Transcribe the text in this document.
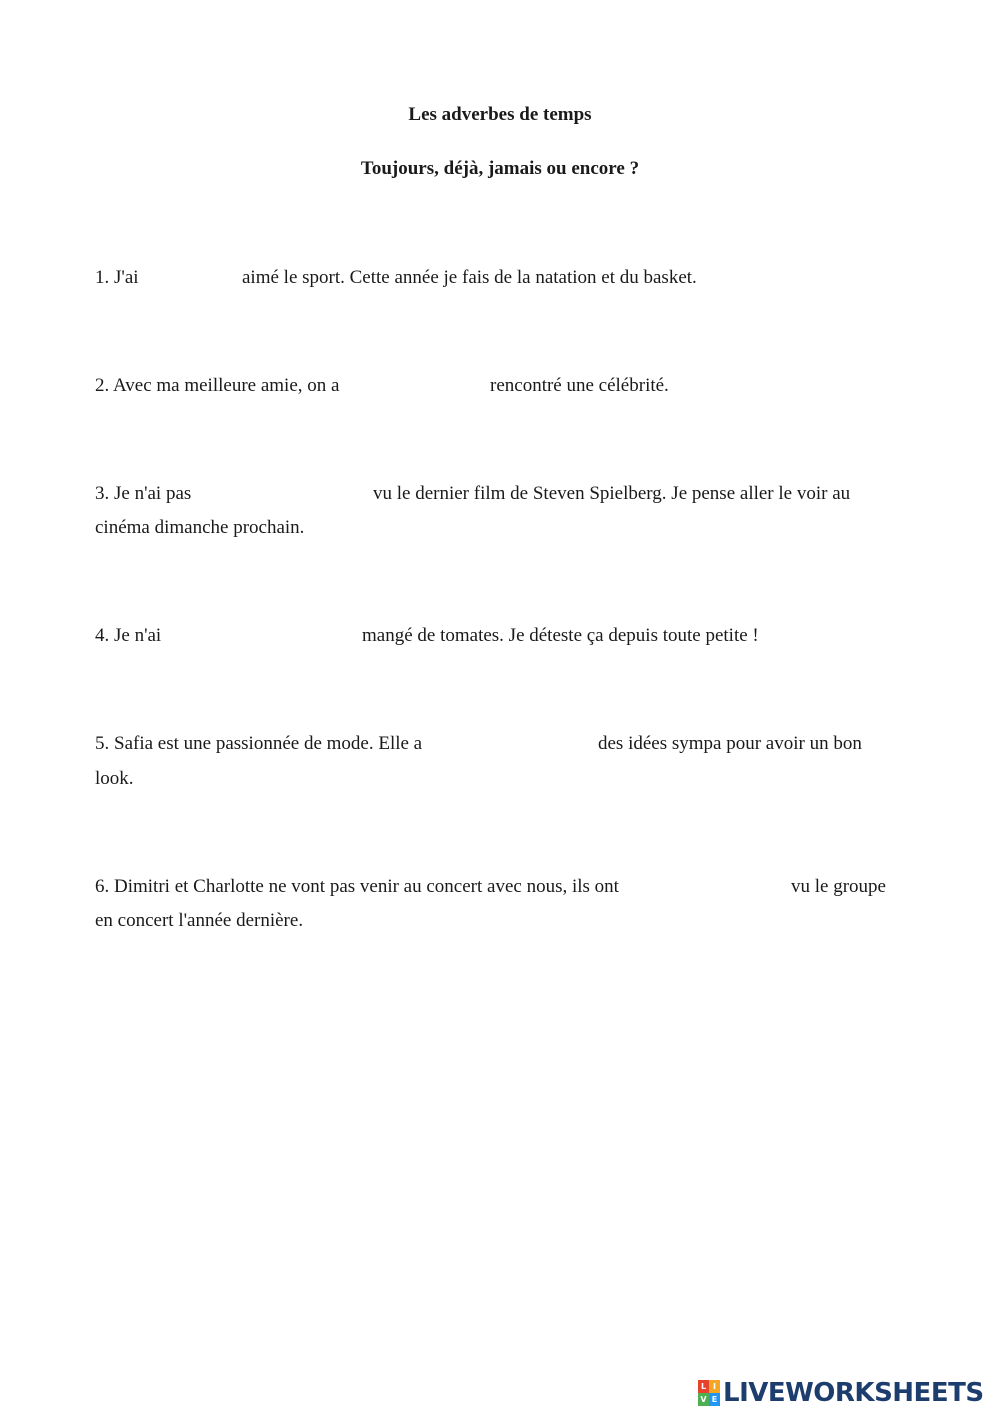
Les adverbes de temps
Toujours, déjà, jamais ou encore ?
1. J'ai	aimé le sport. Cette année je fais de la natation et du basket.
2. Avec ma meilleure amie, on a	rencontré une célébrité.
3. Je n'ai pas	vu le dernier film de Steven Spielberg. Je pense aller le voir au
cinéma dimanche prochain.
4. Je n'ai	mangé de tomates. Je déteste ça depuis toute petite !
5. Safia est une passionnée de mode. Elle a	des idées sympa pour avoir un bon
look.
6. Dimitri et Charlotte ne vont pas venir au concert avec nous, ils ont	vu le groupe
en concert l'année dernière.
L I
V E LIVEWORKSHEETS
